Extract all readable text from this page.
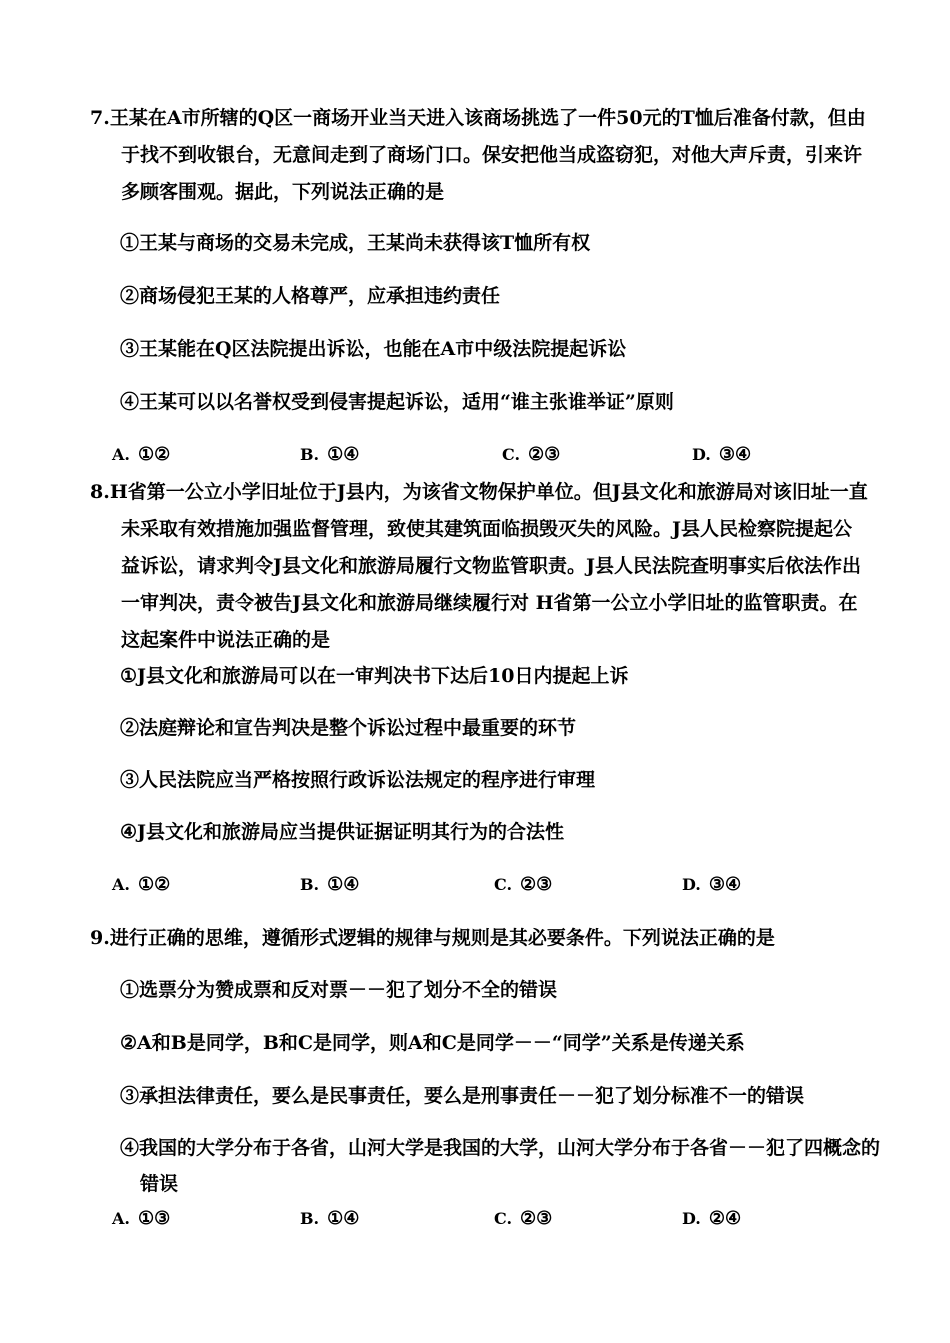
7.王某在A市所辖的Q区一商场开业当天进入该商场挑选了一件50元的T恤后准备付款，但由于找不到收银台，无意间走到了商场门口。保安把他当成盗窃犯，对他大声斥责，引来许多顾客围观。据此，下列说法正确的是

①王某与商场的交易未完成，王某尚未获得该T恤所有权
②商场侵犯王某的人格尊严，应承担违约责任
③王某能在Q区法院提出诉讼，也能在A市中级法院提起诉讼
④王某可以以名誉权受到侵害提起诉讼，适用“谁主张谁举证”原则
A. ①②	B. ①④	C. ②③	D. ③④

8.H省第一公立小学旧址位于J县内，为该省文物保护单位。但J县文化和旅游局对该旧址一直未采取有效措施加强监督管理，致使其建筑面临损毁灭失的风险。J县人民检察院提起公益诉讼，请求判令J县文化和旅游局履行文物监管职责。J县人民法院查明事实后依法作出一审判决，责令被告J县文化和旅游局继续履行对 H省第一公立小学旧址的监管职责。在这起案件中说法正确的是

①J县文化和旅游局可以在一审判决书下达后10日内提起上诉
②法庭辩论和宣告判决是整个诉讼过程中最重要的环节
③人民法院应当严格按照行政诉讼法规定的程序进行审理
④J县文化和旅游局应当提供证据证明其行为的合法性
A. ①②	B. ①④	C. ②③	D. ③④

9.进行正确的思维，遵循形式逻辑的规律与规则是其必要条件。下列说法正确的是

①选票分为赞成票和反对票－－犯了划分不全的错误
②A和B是同学，B和C是同学，则A和C是同学－－“同学”关系是传递关系
③承担法律责任，要么是民事责任，要么是刑事责任－－犯了划分标准不一的错误
④我国的大学分布于各省，山河大学是我国的大学，山河大学分布于各省－－犯了四概念的错误
A. ①③	B. ①④	C. ②③	D. ②④
